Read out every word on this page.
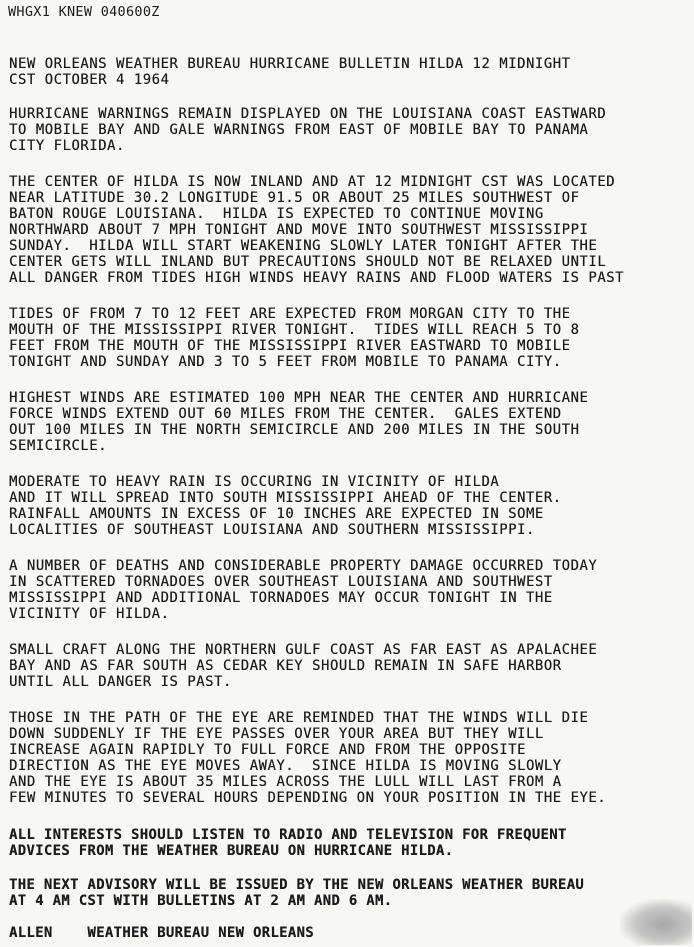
WHGX1 KNEW 040600Z

NEW ORLEANS WEATHER BUREAU HURRICANE BULLETIN HILDA 12 MIDNIGHT

CST OCTOBER 4 1964

HURRICANE WARNINGS REMAIN DISPLAYED ON THE LOUISIANA COAST EASTWARD

TO MOBILE BAY AND GALE WARNINGS FROM EAST OF MOBILE BAY TO PANAMA

CITY FLORIDA.

THE CENTER OF HILDA IS NOW INLAND AND AT 12 MIDNIGHT CST WAS LOCATED

NEAR LATITUDE 30.2 LONGITUDE 91.5 OR ABOUT 25 MILES SOUTHWEST OF

BATON ROUGE LOUISIANA.  HILDA IS EXPECTED TO CONTINUE MOVING

NORTHWARD ABOUT 7 MPH TONIGHT AND MOVE INTO SOUTHWEST MISSISSIPPI

SUNDAY.  HILDA WILL START WEAKENING SLOWLY LATER TONIGHT AFTER THE

CENTER GETS WILL INLAND BUT PRECAUTIONS SHOULD NOT BE RELAXED UNTIL

ALL DANGER FROM TIDES HIGH WINDS HEAVY RAINS AND FLOOD WATERS IS PAST

TIDES OF FROM 7 TO 12 FEET ARE EXPECTED FROM MORGAN CITY TO THE

MOUTH OF THE MISSISSIPPI RIVER TONIGHT.  TIDES WILL REACH 5 TO 8

FEET FROM THE MOUTH OF THE MISSISSIPPI RIVER EASTWARD TO MOBILE

TONIGHT AND SUNDAY AND 3 TO 5 FEET FROM MOBILE TO PANAMA CITY.

HIGHEST WINDS ARE ESTIMATED 100 MPH NEAR THE CENTER AND HURRICANE

FORCE WINDS EXTEND OUT 60 MILES FROM THE CENTER.  GALES EXTEND

OUT 100 MILES IN THE NORTH SEMICIRCLE AND 200 MILES IN THE SOUTH

SEMICIRCLE.

MODERATE TO HEAVY RAIN IS OCCURING IN VICINITY OF HILDA

AND IT WILL SPREAD INTO SOUTH MISSISSIPPI AHEAD OF THE CENTER.

RAINFALL AMOUNTS IN EXCESS OF 10 INCHES ARE EXPECTED IN SOME

LOCALITIES OF SOUTHEAST LOUISIANA AND SOUTHERN MISSISSIPPI.

A NUMBER OF DEATHS AND CONSIDERABLE PROPERTY DAMAGE OCCURRED TODAY

IN SCATTERED TORNADOES OVER SOUTHEAST LOUISIANA AND SOUTHWEST

MISSISSIPPI AND ADDITIONAL TORNADOES MAY OCCUR TONIGHT IN THE

VICINITY OF HILDA.

SMALL CRAFT ALONG THE NORTHERN GULF COAST AS FAR EAST AS APALACHEE

BAY AND AS FAR SOUTH AS CEDAR KEY SHOULD REMAIN IN SAFE HARBOR

UNTIL ALL DANGER IS PAST.

THOSE IN THE PATH OF THE EYE ARE REMINDED THAT THE WINDS WILL DIE

DOWN SUDDENLY IF THE EYE PASSES OVER YOUR AREA BUT THEY WILL

INCREASE AGAIN RAPIDLY TO FULL FORCE AND FROM THE OPPOSITE

DIRECTION AS THE EYE MOVES AWAY.  SINCE HILDA IS MOVING SLOWLY

AND THE EYE IS ABOUT 35 MILES ACROSS THE LULL WILL LAST FROM A

FEW MINUTES TO SEVERAL HOURS DEPENDING ON YOUR POSITION IN THE EYE.

ALL INTERESTS SHOULD LISTEN TO RADIO AND TELEVISION FOR FREQUENT

ADVICES FROM THE WEATHER BUREAU ON HURRICANE HILDA.

THE NEXT ADVISORY WILL BE ISSUED BY THE NEW ORLEANS WEATHER BUREAU

AT 4 AM CST WITH BULLETINS AT 2 AM AND 6 AM.

ALLEN    WEATHER BUREAU NEW ORLEANS
